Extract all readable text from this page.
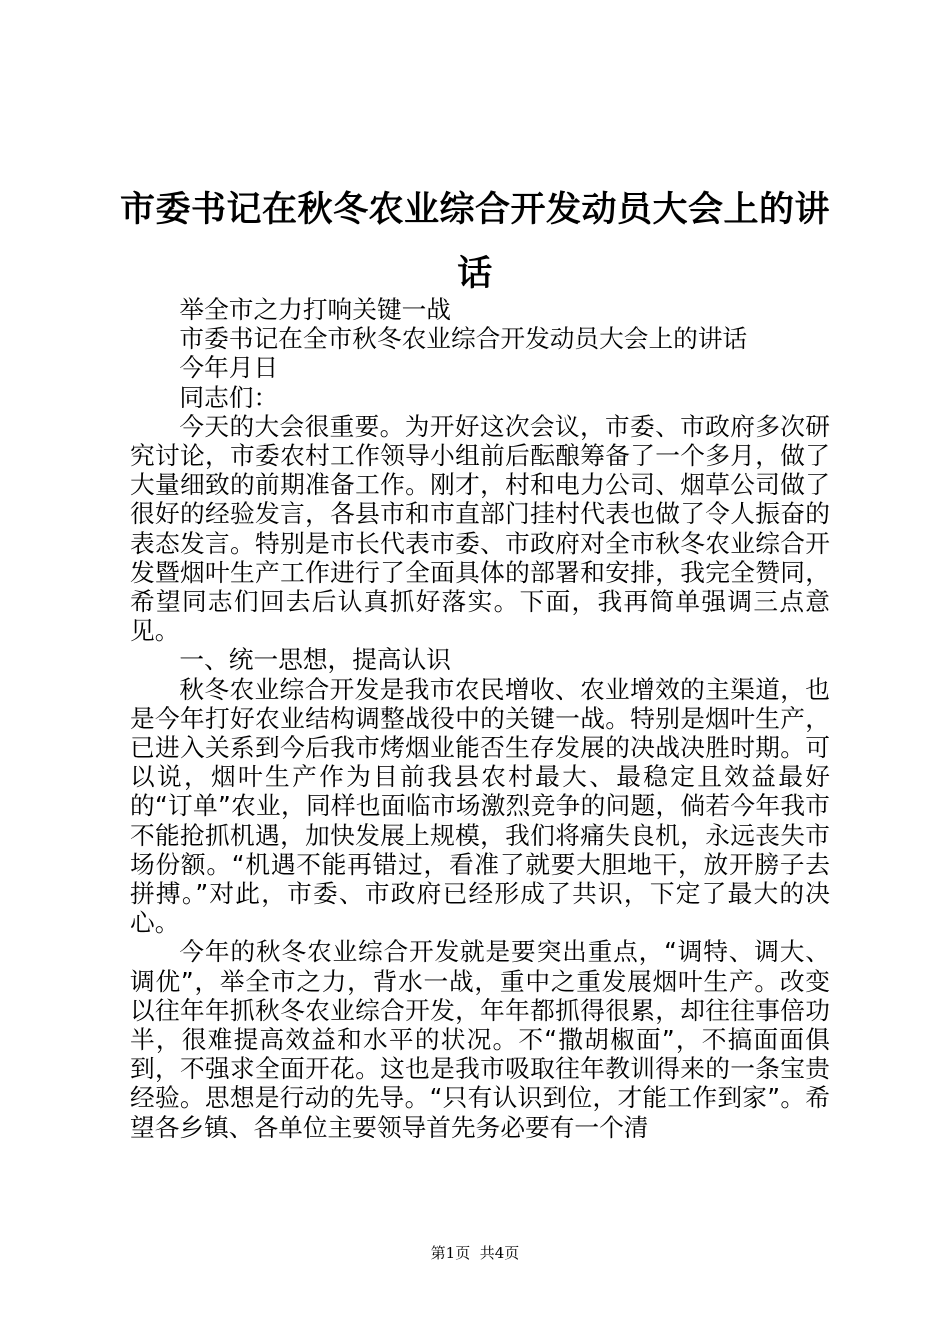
市委书记在秋冬农业综合开发动员大会上的讲话

举全市之力打响关键一战

市委书记在全市秋冬农业综合开发动员大会上的讲话

今年月日

同志们：

今天的大会很重要。为开好这次会议，市委、市政府多次研究讨论，市委农村工作领导小组前后酝酿筹备了一个多月，做了大量细致的前期准备工作。刚才，村和电力公司、烟草公司做了很好的经验发言，各县市和市直部门挂村代表也做了令人振奋的表态发言。特别是市长代表市委、市政府对全市秋冬农业综合开发暨烟叶生产工作进行了全面具体的部署和安排，我完全赞同，希望同志们回去后认真抓好落实。下面，我再简单强调三点意见。

一、统一思想，提高认识

秋冬农业综合开发是我市农民增收、农业增效的主渠道，也是今年打好农业结构调整战役中的关键一战。特别是烟叶生产，已进入关系到今后我市烤烟业能否生存发展的决战决胜时期。可以说，烟叶生产作为目前我县农村最大、最稳定且效益最好的“订单”农业，同样也面临市场激烈竞争的问题，倘若今年我市不能抢抓机遇，加快发展上规模，我们将痛失良机，永远丧失市场份额。“机遇不能再错过，看准了就要大胆地干，放开膀子去拼搏。”对此，市委、市政府已经形成了共识，下定了最大的决心。

今年的秋冬农业综合开发就是要突出重点，“调特、调大、调优”，举全市之力，背水一战，重中之重发展烟叶生产。改变以往年年抓秋冬农业综合开发，年年都抓得很累，却往往事倍功半，很难提高效益和水平的状况。不“撒胡椒面”，不搞面面俱到，不强求全面开花。这也是我市吸取往年教训得来的一条宝贵经验。思想是行动的先导。“只有认识到位，才能工作到家”。希望各乡镇、各单位主要领导首先务必要有一个清

第1页 共4页
